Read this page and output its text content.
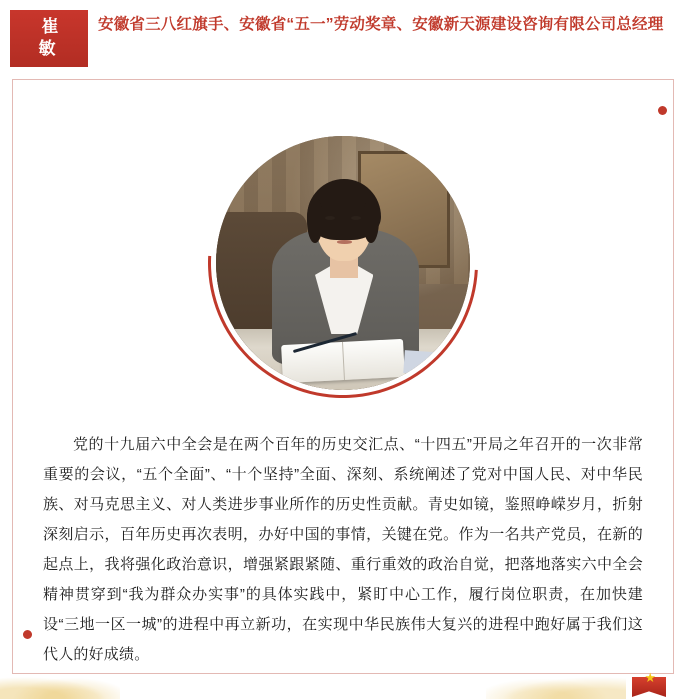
崔 敏
安徽省三八红旗手、安徽省“五一”劳动奖章、安徽新天源建设咨询有限公司总经理
党的十九届六中全会是在两个百年的历史交汇点、“十四五”开局之年召开的一次非常重要的会议，“五个全面”、“十个坚持”全面、深刻、系统阐述了党对中国人民、对中华民族、对马克思主义、对人类进步事业所作的历史性贡献。青史如镜，鉴照峥嵘岁月，折射深刻启示，百年历史再次表明，办好中国的事情，关键在党。作为一名共产党员，在新的起点上，我将强化政治意识，增强紧跟紧随、重行重效的政治自觉，把落地落实六中全会精神贯穿到“我为群众办实事”的具体实践中，紧盯中心工作，履行岗位职责，在加快建设“三地一区一城”的进程中再立新功，在实现中华民族伟大复兴的进程中跑好属于我们这代人的好成绩。
★
